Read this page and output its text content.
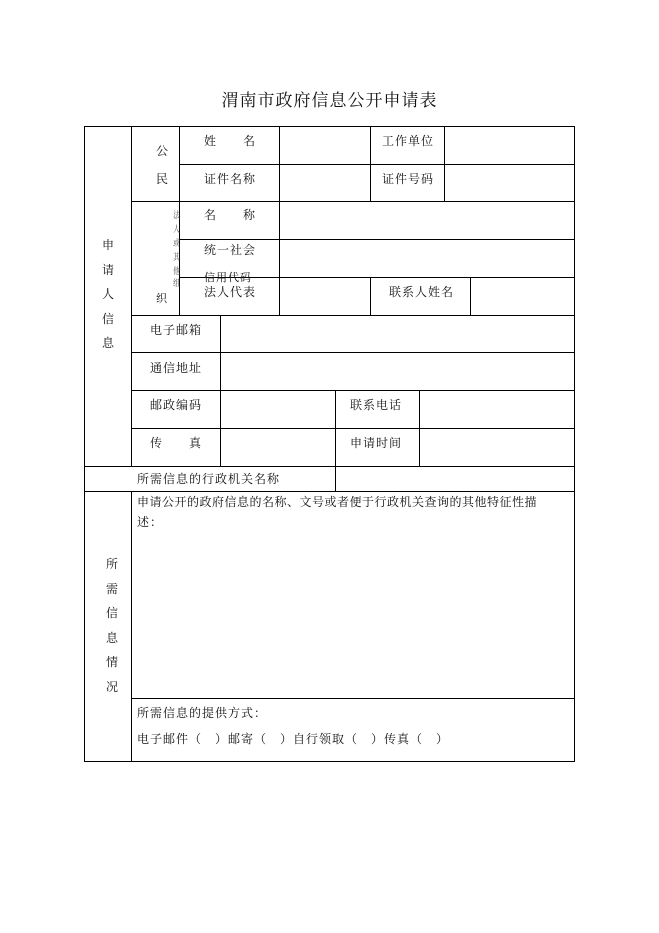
渭南市政府信息公开申请表
申
请
人
信
息
公
民
法
人
或
其
他
组
织
姓　　名	工作单位
证件名称	证件号码
名　　称
统一社会
信用代码
法人代表	联系人姓名
电子邮箱
通信地址
邮政编码	联系电话
传　　真	申请时间
所需信息的行政机关名称
所
需
信
息
情
况
申请公开的政府信息的名称、文号或者便于行政机关查询的其他特征性描
述：
所需信息的提供方式：
电子邮件（　）邮寄（　）自行领取（　）传真（　）
